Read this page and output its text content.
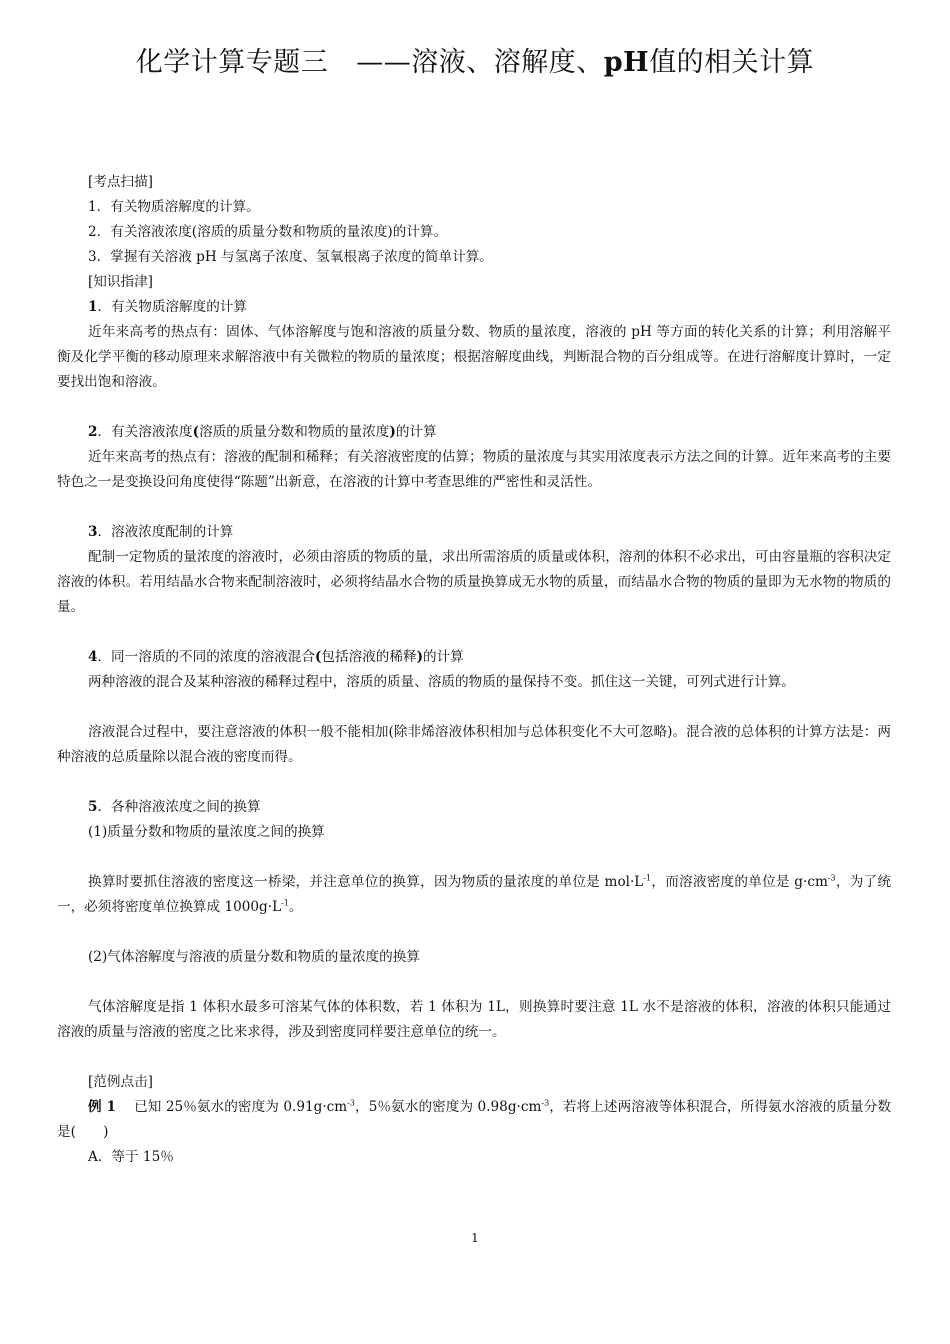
化学计算专题三 ——溶液、溶解度、pH值的相关计算

[考点扫描]

1．有关物质溶解度的计算。

2．有关溶液浓度(溶质的质量分数和物质的量浓度)的计算。

3．掌握有关溶液 pH 与氢离子浓度、氢氧根离子浓度的简单计算。

[知识指津]

1．有关物质溶解度的计算

近年来高考的热点有：固体、气体溶解度与饱和溶液的质量分数、物质的量浓度，溶液的 pH 等方面的转化关系的计算；利用溶解平衡及化学平衡的移动原理来求解溶液中有关微粒的物质的量浓度；根据溶解度曲线，判断混合物的百分组成等。在进行溶解度计算时，一定要找出饱和溶液。

2．有关溶液浓度(溶质的质量分数和物质的量浓度)的计算

近年来高考的热点有：溶液的配制和稀释；有关溶液密度的估算；物质的量浓度与其实用浓度表示方法之间的计算。近年来高考的主要特色之一是变换设问角度使得“陈题”出新意，在溶液的计算中考查思维的严密性和灵活性。

3．溶液浓度配制的计算

配制一定物质的量浓度的溶液时，必须由溶质的物质的量，求出所需溶质的质量或体积，溶剂的体积不必求出，可由容量瓶的容积决定溶液的体积。若用结晶水合物来配制溶液时，必须将结晶水合物的质量换算成无水物的质量，而结晶水合物的物质的量即为无水物的物质的量。

4．同一溶质的不同的浓度的溶液混合(包括溶液的稀释)的计算

两种溶液的混合及某种溶液的稀释过程中，溶质的质量、溶质的物质的量保持不变。抓住这一关键，可列式进行计算。

溶液混合过程中，要注意溶液的体积一般不能相加(除非烯溶液体积相加与总体积变化不大可忽略)。混合液的总体积的计算方法是：两种溶液的总质量除以混合液的密度而得。

5．各种溶液浓度之间的换算

(1)质量分数和物质的量浓度之间的换算

换算时要抓住溶液的密度这一桥梁，并注意单位的换算，因为物质的量浓度的单位是 $mol\cdot L^{-1}$，而溶液密度的单位是 $g\cdot cm^{-3}$，为了统一，必须将密度单位换算成 $1000g\cdot L^{-1}$。

(2)气体溶解度与溶液的质量分数和物质的量浓度的换算

气体溶解度是指 1 体积水最多可溶某气体的体积数，若 1 体积为 1L，则换算时要注意 1L 水不是溶液的体积，溶液的体积只能通过溶液的质量与溶液的密度之比来求得，涉及到密度同样要注意单位的统一。

[范例点击]

例 1　 已知 25％氨水的密度为 $0.91g\cdot cm^{-3}$，5％氨水的密度为 $0.98g\cdot cm^{-3}$，若将上述两溶液等体积混合，所得氨水溶液的质量分数是(　　)

A．等于 15％

1
